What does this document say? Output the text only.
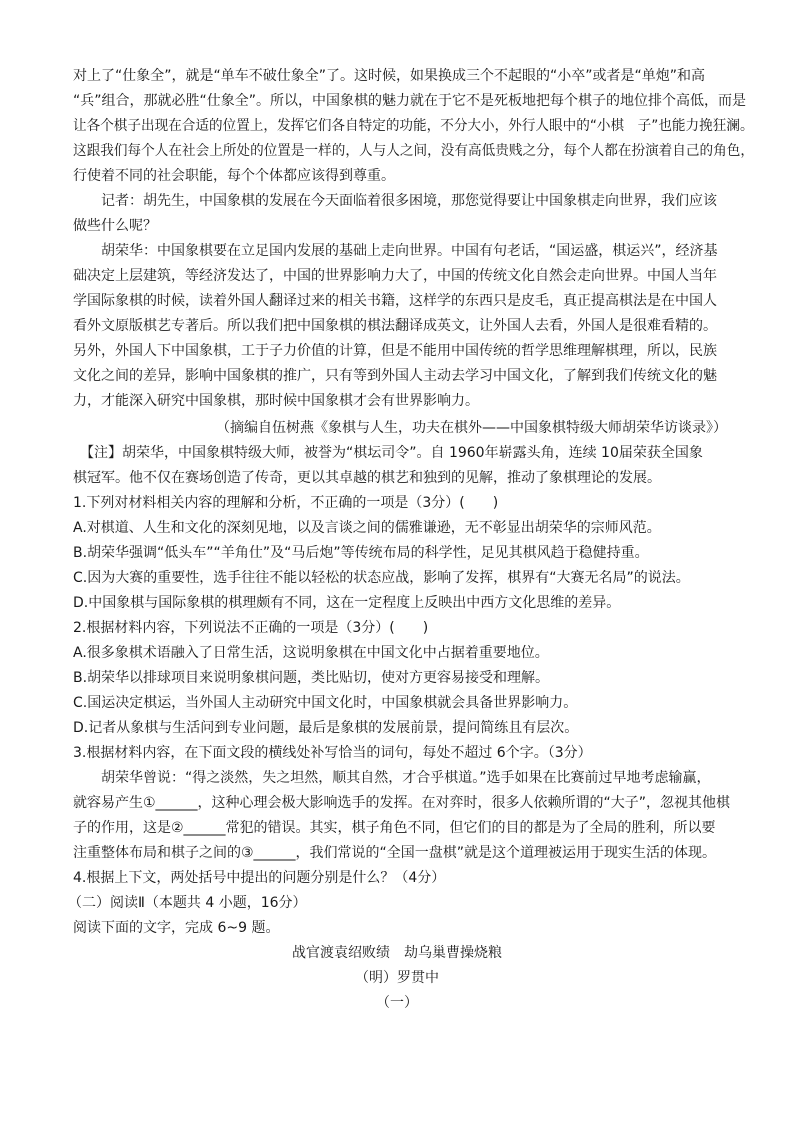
对上了“仕象全”，就是“单车不破仕象全”了。这时候，如果换成三个不起眼的“小卒”或者是“单炮”和高
“兵”组合，那就必胜“仕象全”。所以，中国象棋的魅力就在于它不是死板地把每个棋子的地位排个高低，而是
让各个棋子出现在合适的位置上，发挥它们各自特定的功能，不分大小，外行人眼中的“小棋　子”也能力挽狂澜。
这跟我们每个人在社会上所处的位置是一样的，人与人之间，没有高低贵贱之分，每个人都在扮演着自己的角色，
行使着不同的社会职能，每个个体都应该得到尊重。
　　记者：胡先生，中国象棋的发展在今天面临着很多困境，那您觉得要让中国象棋走向世界，我们应该
做些什么呢？
　　胡荣华：中国象棋要在立足国内发展的基础上走向世界。中国有句老话，“国运盛，棋运兴”，经济基
础决定上层建筑，等经济发达了，中国的世界影响力大了，中国的传统文化自然会走向世界。中国人当年
学国际象棋的时候，读着外国人翻译过来的相关书籍，这样学的东西只是皮毛，真正提高棋法是在中国人
看外文原版棋艺专著后。所以我们把中国象棋的棋法翻译成英文，让外国人去看，外国人是很难看精的。
另外，外国人下中国象棋，工于子力价值的计算，但是不能用中国传统的哲学思维理解棋理，所以，民族
文化之间的差异，影响中国象棋的推广，只有等到外国人主动去学习中国文化，了解到我们传统文化的魅
力，才能深入研究中国象棋，那时候中国象棋才会有世界影响力。
（摘编自伍树燕《象棋与人生，功夫在棋外——中国象棋特级大师胡荣华访谈录》）
　【注】胡荣华，中国象棋特级大师，被誉为“棋坛司令”。自 1960年崭露头角，连续 10届荣获全国象
棋冠军。他不仅在赛场创造了传奇，更以其卓越的棋艺和独到的见解，推动了象棋理论的发展。
1.下列对材料相关内容的理解和分析，不正确的一项是（3分）(　　)
A.对棋道、人生和文化的深刻见地，以及言谈之间的儒雅谦逊，无不彰显出胡荣华的宗师风范。
B.胡荣华强调“低头车”“羊角仕”及“马后炮”等传统布局的科学性，足见其棋风趋于稳健持重。
C.因为大赛的重要性，选手往往不能以轻松的状态应战，影响了发挥，棋界有“大赛无名局”的说法。
D.中国象棋与国际象棋的棋理颇有不同，这在一定程度上反映出中西方文化思维的差异。
2.根据材料内容，下列说法不正确的一项是（3分）(　　)
A.很多象棋术语融入了日常生活，这说明象棋在中国文化中占据着重要地位。
B.胡荣华以排球项目来说明象棋问题，类比贴切，使对方更容易接受和理解。
C.国运决定棋运，当外国人主动研究中国文化时，中国象棋就会具备世界影响力。
D.记者从象棋与生活问到专业问题，最后是象棋的发展前景，提问简练且有层次。
3.根据材料内容，在下面文段的横线处补写恰当的词句，每处不超过 6个字。（3分）
　　胡荣华曾说：“得之淡然，失之坦然，顺其自然，才合乎棋道。”选手如果在比赛前过早地考虑输赢，
就容易产生①______，这种心理会极大影响选手的发挥。在对弈时，很多人依赖所谓的“大子”，忽视其他棋
子的作用，这是②______常犯的错误。其实，棋子角色不同，但它们的目的都是为了全局的胜利，所以要
注重整体布局和棋子之间的③______，我们常说的“全国一盘棋”就是这个道理被运用于现实生活的体现。
4.根据上下文，两处括号中提出的问题分别是什么？（4分）
（二）阅读Ⅱ（本题共 4 小题，16分）
阅读下面的文字，完成 6~9 题。
战官渡袁绍败绩　劫乌巢曹操烧粮
（明）罗贯中
（一）
